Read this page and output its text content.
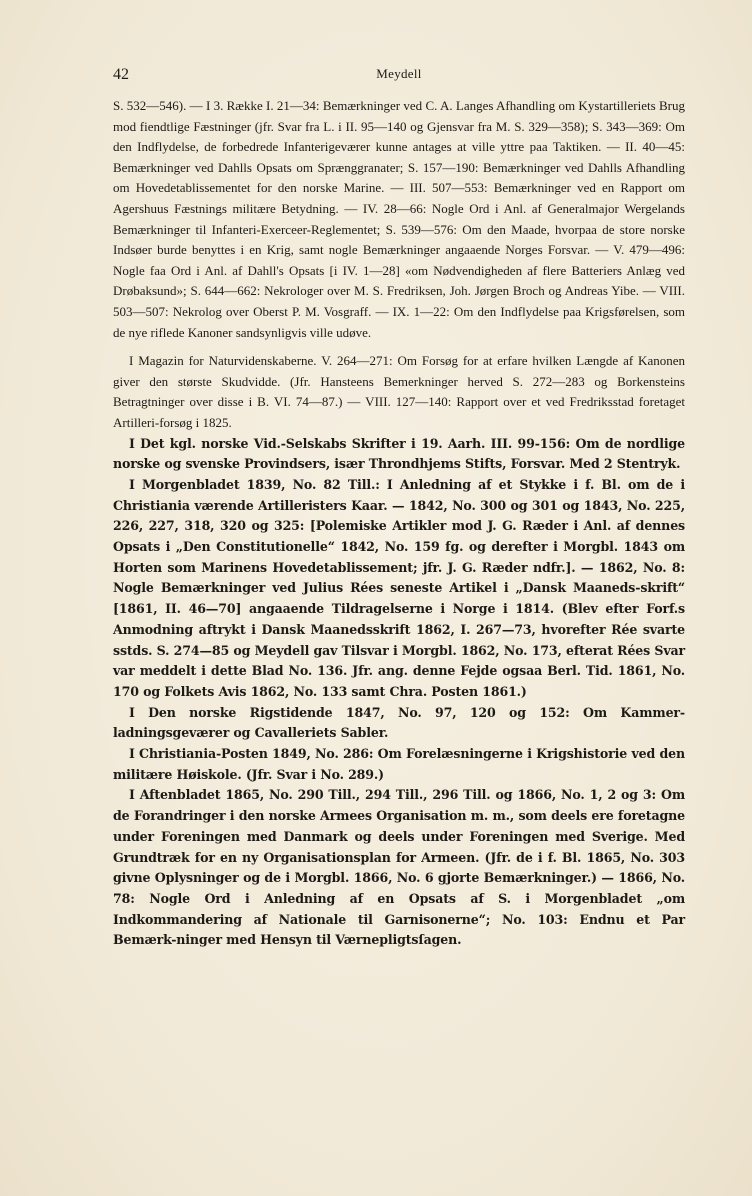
42	Meydell

S. 532—546). — I 3. Række I. 21—34: Bemærkninger ved C. A. Langes Afhandling om Kystartilleriets Brug mod fiendtlige Fæstninger (jfr. Svar fra L. i II. 95—140 og Gjensvar fra M. S. 329—358); S. 343—369: Om den Indflydelse, de forbedrede Infanterigeværer kunne antages at ville yttre paa Taktiken. — II. 40—45: Bemærkninger ved Dahlls Opsats om Sprænggranater; S. 157—190: Bemærkninger ved Dahlls Afhandling om Hovedetablissementet for den norske Marine. — III. 507—553: Bemærkninger ved en Rapport om Agershuus Fæstnings militære Betydning. — IV. 28—66: Nogle Ord i Anl. af Generalmajor Wergelands Bemærkninger til Infanteri-Exerceer-Reglementet; S. 539—576: Om den Maade, hvorpaa de store norske Indsøer burde benyttes i en Krig, samt nogle Bemærkninger angaaende Norges Forsvar. — V. 479—496: Nogle faa Ord i Anl. af Dahll's Opsats [i IV. 1—28] «om Nødvendigheden af flere Batteriers Anlæg ved Drøbaksund»; S. 644—662: Nekrologer over M. S. Fredriksen, Joh. Jørgen Broch og Andreas Yibe. — VIII. 503—507: Nekrolog over Oberst P. M. Vosgraff. — IX. 1—22: Om den Indflydelse paa Krigsførelsen, som de nye riflede Kanoner sandsynligvis ville udøve.

I Magazin for Naturvidenskaberne. V. 264—271: Om Forsøg for at erfare hvilken Længde af Kanonen giver den største Skudvidde. (Jfr. Hansteens Bemerkninger herved S. 272—283 og Borkensteins Betragtninger over disse i B. VI. 74—87.) — VIII. 127—140: Rapport over et ved Fredriksstad foretaget Artilleri-forsøg i 1825.

I Det kgl. norske Vid.-Selskabs Skrifter i 19. Aarh. III. 99-156: Om de nordlige norske og svenske Provindsers, især Throndhjems Stifts, Forsvar. Med 2 Stentryk.

I Morgenbladet 1839, No. 82 Till.: I Anledning af et Stykke i f. Bl. om de i Christiania værende Artilleristers Kaar. — 1842, No. 300 og 301 og 1843, No. 225, 226, 227, 318, 320 og 325: [Polemiske Artikler mod J. G. Ræder i Anl. af dennes Opsats i „Den Constitutionelle“ 1842, No. 159 fg. og derefter i Morgbl. 1843 om Horten som Marinens Hovedetablissement; jfr. J. G. Ræder ndfr.]. — 1862, No. 8: Nogle Bemærkninger ved Julius Rées seneste Artikel i „Dansk Maaneds-skrift“ [1861, II. 46—70] angaaende Tildragelserne i Norge i 1814. (Blev efter Forf.s Anmodning aftrykt i Dansk Maanedsskrift 1862, I. 267—73, hvorefter Rée svarte sstds. S. 274—85 og Meydell gav Tilsvar i Morgbl. 1862, No. 173, efterat Rées Svar var meddelt i dette Blad No. 136. Jfr. ang. denne Fejde ogsaa Berl. Tid. 1861, No. 170 og Folkets Avis 1862, No. 133 samt Chra. Posten 1861.)

I Den norske Rigstidende 1847, No. 97, 120 og 152: Om Kammer-ladningsgeværer og Cavalleriets Sabler.

I Christiania-Posten 1849, No. 286: Om Forelæsningerne i Krigshistorie ved den militære Høiskole. (Jfr. Svar i No. 289.)

I Aftenbladet 1865, No. 290 Till., 294 Till., 296 Till. og 1866, No. 1, 2 og 3: Om de Forandringer i den norske Armees Organisation m. m., som deels ere foretagne under Foreningen med Danmark og deels under Foreningen med Sverige. Med Grundtræk for en ny Organisationsplan for Armeen. (Jfr. de i f. Bl. 1865, No. 303 givne Oplysninger og de i Morgbl. 1866, No. 6 gjorte Bemærkninger.) — 1866, No. 78: Nogle Ord i Anledning af en Opsats af S. i Morgenbladet „om Indkommandering af Nationale til Garnisonerne“; No. 103: Endnu et Par Bemærk-ninger med Hensyn til Værnepligtsſagen.
